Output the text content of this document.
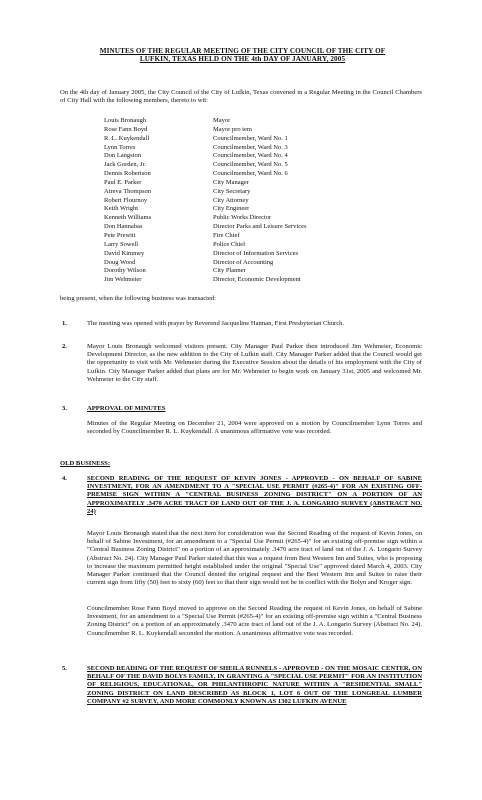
MINUTES OF THE REGULAR MEETING OF THE CITY COUNCIL OF THE CITY OF
LUFKIN, TEXAS HELD ON THE 4th DAY OF JANUARY, 2005
On the 4th day of January 2005, the City Council of the City of Lufkin, Texas convened in a Regular Meeting in the Council Chambers of City Hall with the following members, thereto to wit:
Louis Bronaugh	Mayor
Rose Fann Boyd	Mayor pro tem
R. L. Kuykendall	Councilmember, Ward No. 1
Lynn Torres	Councilmember, Ward No. 3
Don Langston	Councilmember, Ward No. 4
Jack Gorden, Jr.	Councilmember, Ward No. 5
Dennis Robertson	Councilmember, Ward No. 6
Paul E. Parker	City Manager
Atreva Thompson	City Secretary
Robert Flournoy	City Attorney
Keith Wright	City Engineer
Kenneth Williams	Public Works Director
Don Hannabas	Director Parks and Leisure Services
Pete Prewitt	Fire Chief
Larry Sowell	Police Chief
David Kimmey	Director of Information Services
Doug Wood	Director of Accounting
Dorothy Wilson	City Planner
Jim Wehmeier	Director, Economic Development
being present, when the following business was transacted:
1.	The meeting was opened with prayer by Reverend Jacqueline Hannan, First Presbyterian Church.
2.	Mayor Louis Bronaugh welcomed visitors present. City Manager Paul Parker then introduced Jim Wehmeier, Economic Development Director, as the new addition to the City of Lufkin staff. City Manager Parker added that the Council would get the opportunity to visit with Mr. Wehmeier during the Executive Session about the details of his employment with the City of Lufkin. City Manager Parker added that plans are for Mr. Wehmeier to begin work on January 31st, 2005 and welcomed Mr. Wehmeier to the City staff.
3.	APPROVAL OF MINUTES
Minutes of the Regular Meeting on December 21, 2004 were approved on a motion by Councilmember Lynn Torres and seconded by Councilmember R. L. Kuykendall. A unanimous affirmative vote was recorded.
OLD BUSINESS:
4.	SECOND READING OF THE REQUEST OF KEVIN JONES - APPROVED - ON BEHALF OF SABINE INVESTMENT, FOR AN AMENDMENT TO A "SPECIAL USE PERMIT (#265-4)" FOR AN EXISTING OFF-PREMISE SIGN WITHIN A "CENTRAL BUSINESS ZONING DISTRICT" ON A PORTION OF AN APPROXIMATELY .3470 ACRE TRACT OF LAND OUT OF THE J. A. LONGARIO SURVEY (ABSTRACT NO. 24)
Mayor Louis Bronaugh stated that the next item for consideration was the Second Reading of the request of Kevin Jones, on behalf of Sabine Investment, for an amendment to a "Special Use Permit (#265-4)" for an existing off-premise sign within a "Central Business Zoning District" on a portion of an approximately .3470 acre tract of land out of the J. A. Longario Survey (Abstract No. 24). City Manager Paul Parker stated that this was a request from Best Western Inn and Suites, who is proposing to increase the maximum permitted height established under the original "Special Use" approved dated March 4, 2003. City Manager Parker continued that the Council denied the original request and the Best Western Inn and Suites to raise their current sign from fifty (50) feet to sixty (60) feet so that their sign would not be in conflict with the Bolyn and Kroger sign.
Councilmember Rose Fann Boyd moved to approve on the Second Reading the request of Kevin Jones, on behalf of Sabine Investment, for an amendment to a "Special Use Permit (#265-4)" for an existing off-premise sign within a "Central Business Zoning District" on a portion of an approximately .3470 acre tract of land out of the J. A. Longario Survey (Abstract No. 24). Councilmember R. L. Kuykendall seconded the motion. A unanimous affirmative vote was recorded.
5.	SECOND READING OF THE REQUEST OF SHEILA RUNNELS - APPROVED - ON THE MOSAIC CENTER, ON BEHALF OF THE DAVID BOLYS FAMILY, IN GRANTING A "SPECIAL USE PERMIT" FOR AN INSTITUTION OF RELIGIOUS, EDUCATIONAL, OR PHILANTHROPIC NATURE WITHIN A "RESIDENTIAL SMALL" ZONING DISTRICT ON LAND DESCRIBED AS BLOCK 1, LOT 6 OUT OF THE LONGREAL LUMBER COMPANY #2 SURVEY, AND MORE COMMONLY KNOWN AS 1302 LUFKIN AVENUE
